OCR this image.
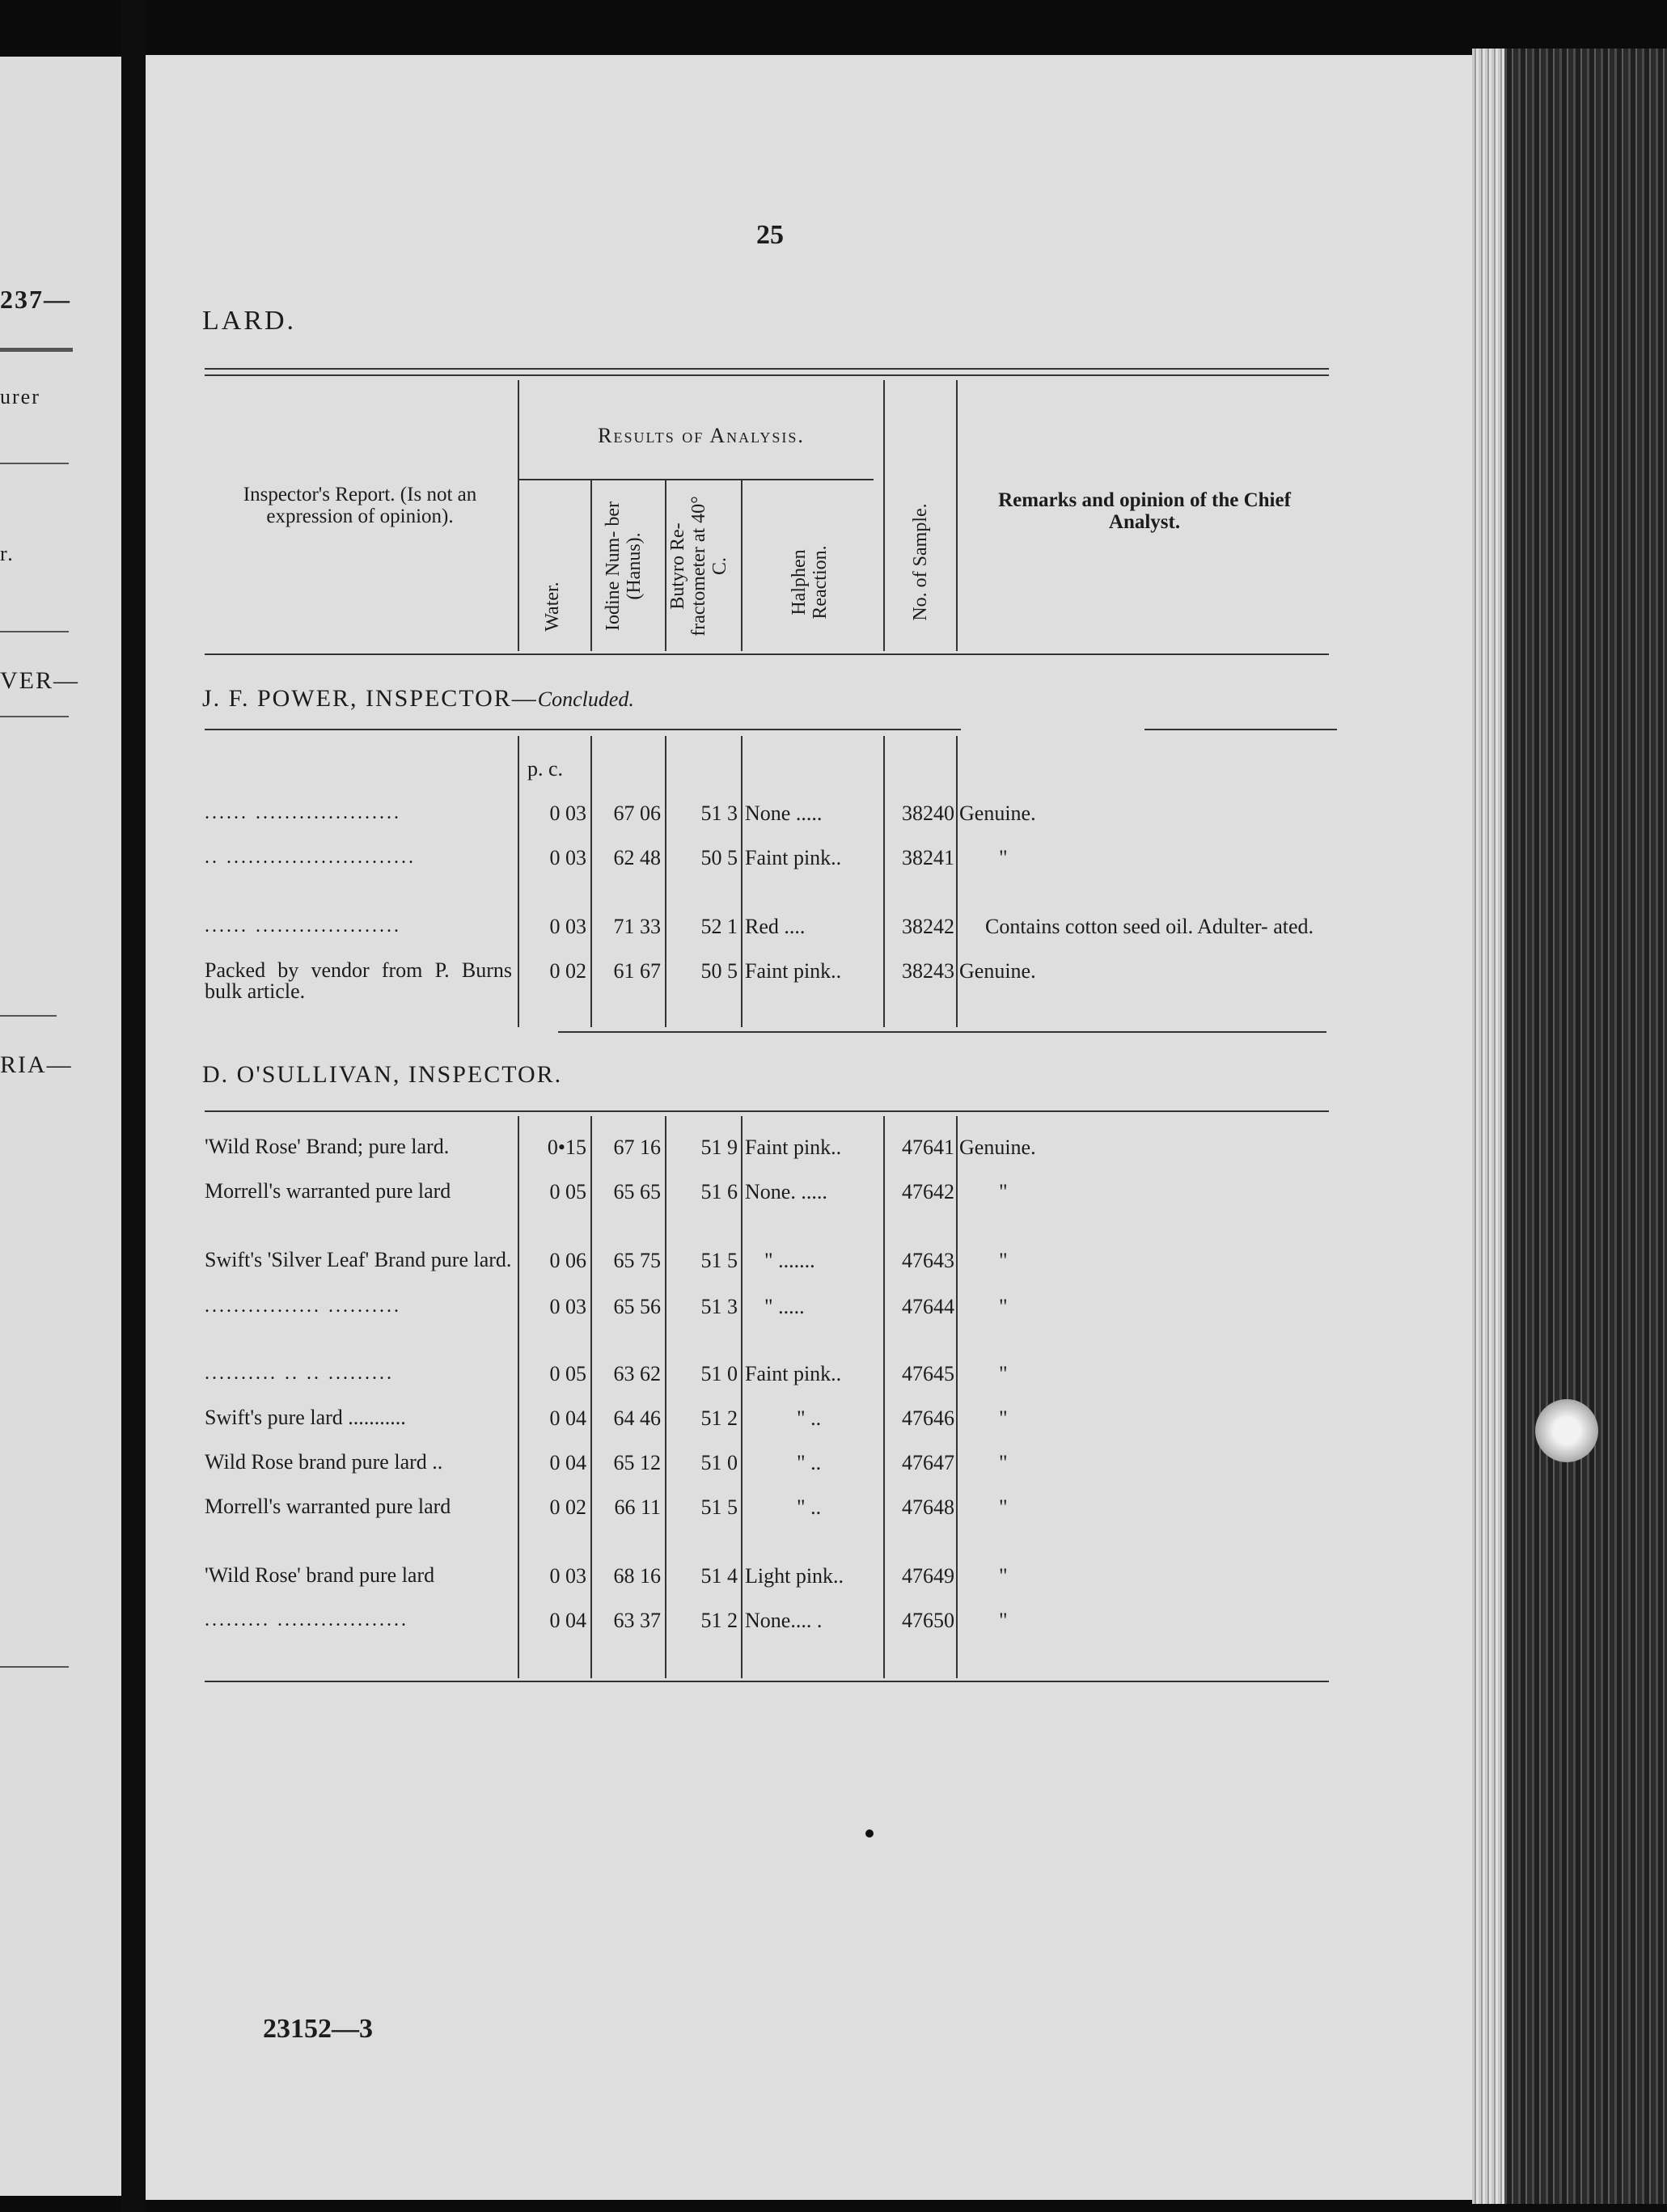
237—
urer
r.
VER—
RIA—
25
LARD.
Inspector's Report. (Is not an expression of opinion).
Results of Analysis.
Water. Iodine Num- ber (Hanus). Butyro Re- fractometer at 40° C.	Halphen Reaction.	No. of Sample.
Remarks and opinion of the Chief Analyst.
J. F. POWER, INSPECTOR—Concluded.
p. c.
...... ....................	0 03	67 06	51 3 None .....	38240 Genuine.
.. ..........................	0 03	62 48	50 5 Faint pink..	38241 "
...... ....................	0 03	71 33	52 1 Red ....	38242	Contains cotton seed oil. Adulter- ated.
Packed by vendor from P. Burns bulk article.
0 02	61 67	50 5 Faint pink..	38243 Genuine.
D. O'SULLIVAN, INSPECTOR.
'Wild Rose' Brand; pure lard.	0•15	67 16	51 9 Faint pink..	47641 Genuine.
Morrell's warranted pure lard	0 05	65 65	51 6 None. .....	47642 "
Swift's 'Silver Leaf' Brand pure lard.	0 06	65 75	51 5 " .......	47643 "
................ ..........	0 03	65 56	51 3 " .....	47644 "
.......... .. .. .........	0 05	63 62	51 0 Faint pink..	47645 "
Swift's pure lard ...........	0 04	64 46	51 2	" ..	47646 "
Wild Rose brand pure lard ..	0 04	65 12	51 0	" ..	47647 "
Morrell's warranted pure lard	0 02	66 11	51 5	" ..	47648 "
'Wild Rose' brand pure lard	0 03	68 16	51 4 Light pink..	47649 "
......... ..................	0 04	63 37	51 2 None.... .	47650 "
23152—3
